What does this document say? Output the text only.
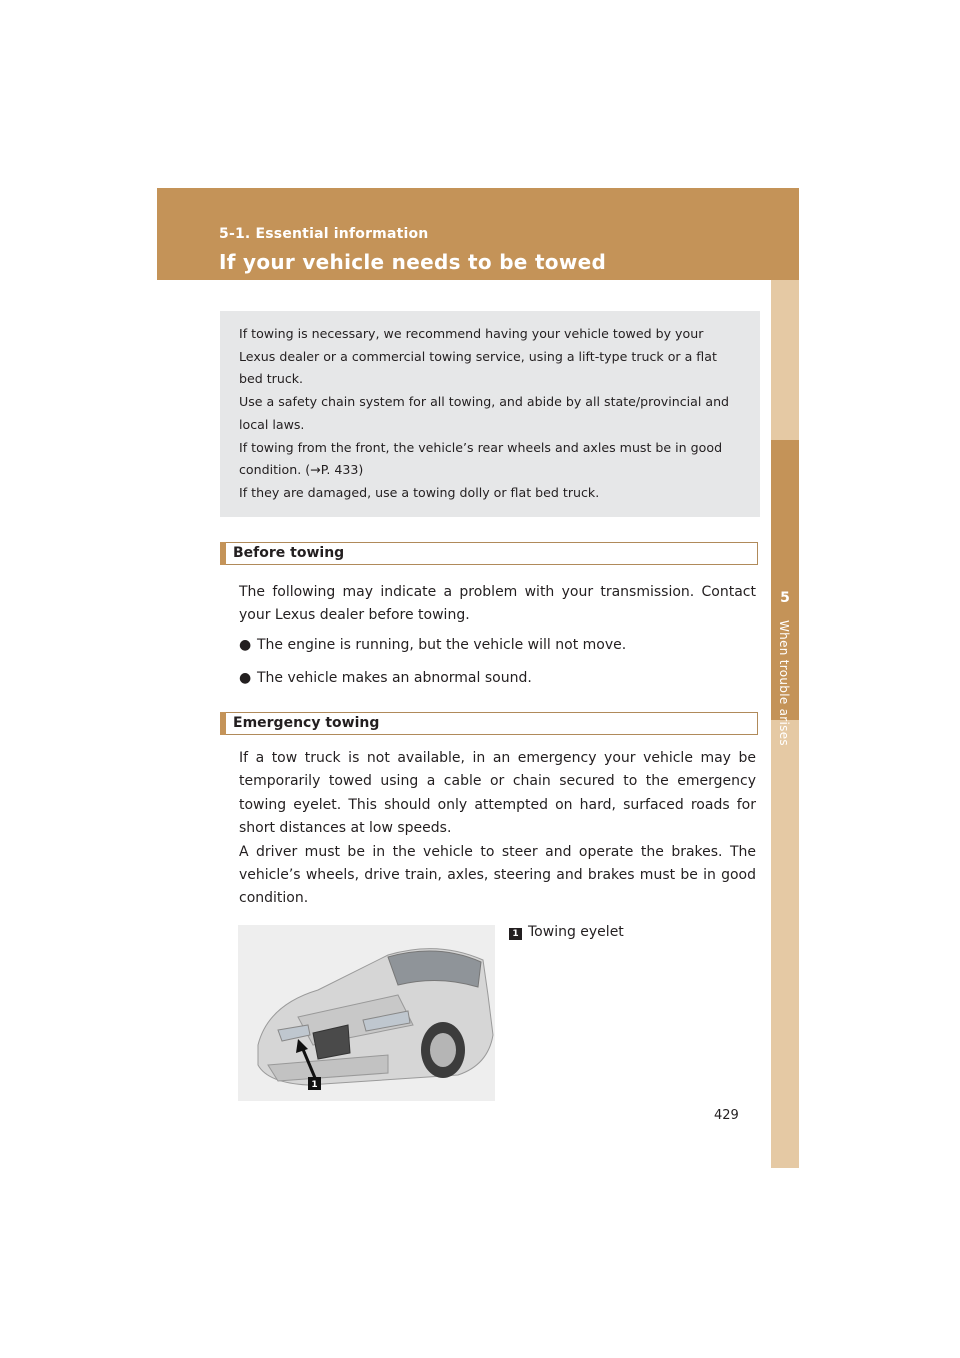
5-1. Essential information
If your vehicle needs to be towed
5
When trouble arises

If towing is necessary, we recommend having your vehicle towed by your Lexus dealer or a commercial towing service, using a lift-type truck or a flat bed truck.

Use a safety chain system for all towing, and abide by all state/provincial and local laws.

If towing from the front, the vehicle’s rear wheels and axles must be in good condition. (→P. 433)

If they are damaged, use a towing dolly or flat bed truck.

Before towing

The following may indicate a problem with your transmission. Contact your Lexus dealer before towing.

● The engine is running, but the vehicle will not move.
● The vehicle makes an abnormal sound.
Emergency towing

If a tow truck is not available, in an emergency your vehicle may be temporarily towed using a cable or chain secured to the emergency towing eyelet. This should only attempted on hard, surfaced roads for short distances at low speeds.

A driver must be in the vehicle to steer and operate the brakes. The vehicle’s wheels, drive train, axles, steering and brakes must be in good condition.

1
1 Towing eyelet
429
